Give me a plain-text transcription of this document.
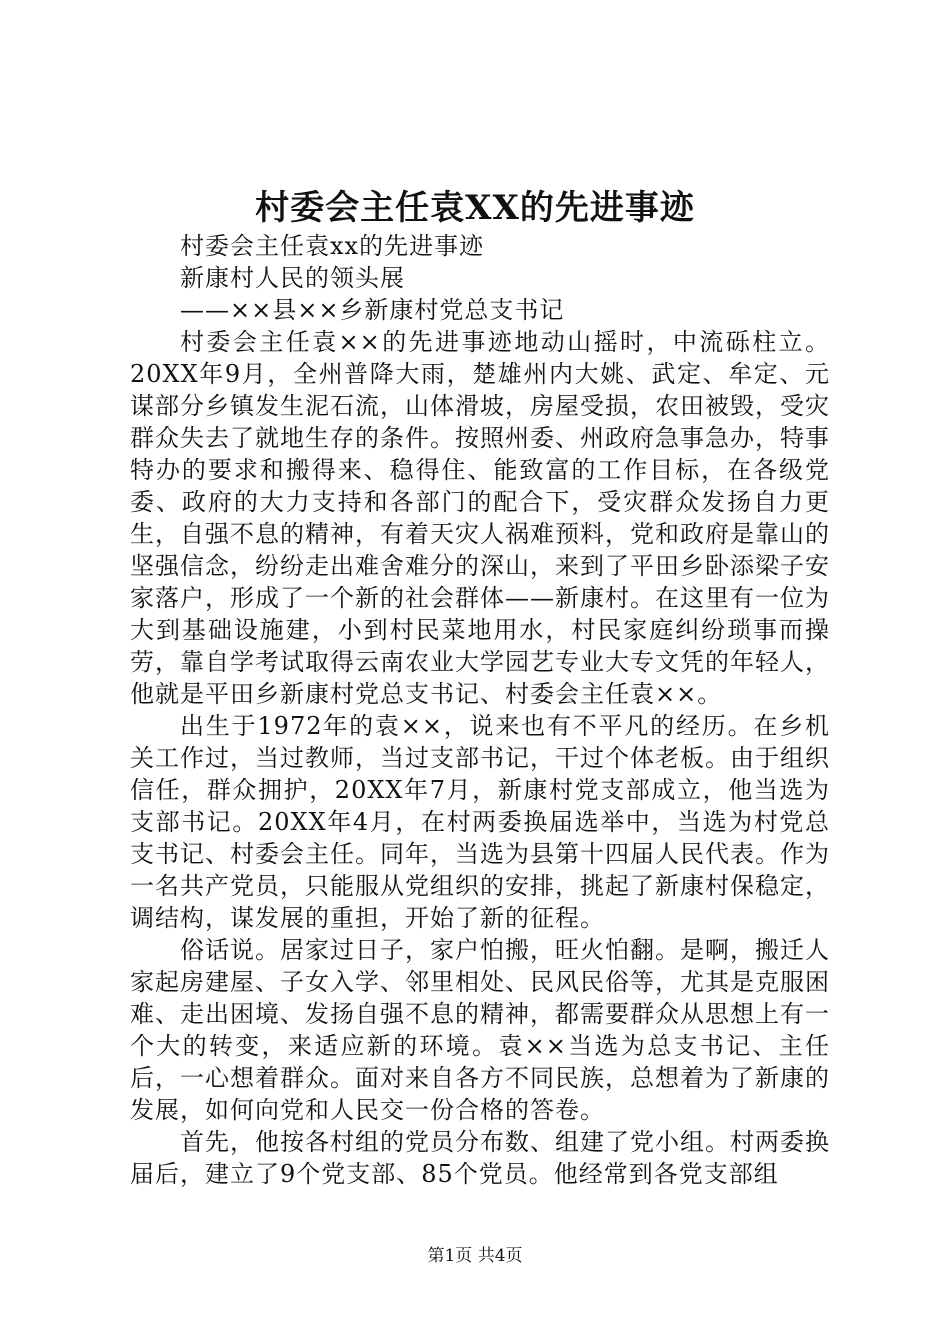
村委会主任袁XX的先进事迹

村委会主任袁xx的先进事迹

新康村人民的领头展

——××县××乡新康村党总支书记

村委会主任袁××的先进事迹地动山摇时，中流砾柱立。20XX年9月，全州普降大雨，楚雄州内大姚、武定、牟定、元谋部分乡镇发生泥石流，山体滑坡，房屋受损，农田被毁，受灾群众失去了就地生存的条件。按照州委、州政府急事急办，特事特办的要求和搬得来、稳得住、能致富的工作目标，在各级党委、政府的大力支持和各部门的配合下，受灾群众发扬自力更生，自强不息的精神，有着天灾人祸难预料，党和政府是靠山的坚强信念，纷纷走出难舍难分的深山，来到了平田乡卧添梁子安家落户，形成了一个新的社会群体——新康村。在这里有一位为大到基础设施建，小到村民菜地用水，村民家庭纠纷琐事而操劳，靠自学考试取得云南农业大学园艺专业大专文凭的年轻人，他就是平田乡新康村党总支书记、村委会主任袁××。

出生于1972年的袁××，说来也有不平凡的经历。在乡机关工作过，当过教师，当过支部书记，干过个体老板。由于组织信任，群众拥护，20XX年7月，新康村党支部成立，他当选为支部书记。20XX年4月，在村两委换届选举中，当选为村党总支书记、村委会主任。同年，当选为县第十四届人民代表。作为一名共产党员，只能服从党组织的安排，挑起了新康村保稳定，调结构，谋发展的重担，开始了新的征程。

俗话说。居家过日子，家户怕搬，旺火怕翻。是啊，搬迁人家起房建屋、子女入学、邻里相处、民风民俗等，尤其是克服困难、走出困境、发扬自强不息的精神，都需要群众从思想上有一个大的转变，来适应新的环境。袁××当选为总支书记、主任后，一心想着群众。面对来自各方不同民族，总想着为了新康的发展，如何向党和人民交一份合格的答卷。

首先，他按各村组的党员分布数、组建了党小组。村两委换届后，建立了9个党支部、85个党员。他经常到各党支部组

第1页 共4页
